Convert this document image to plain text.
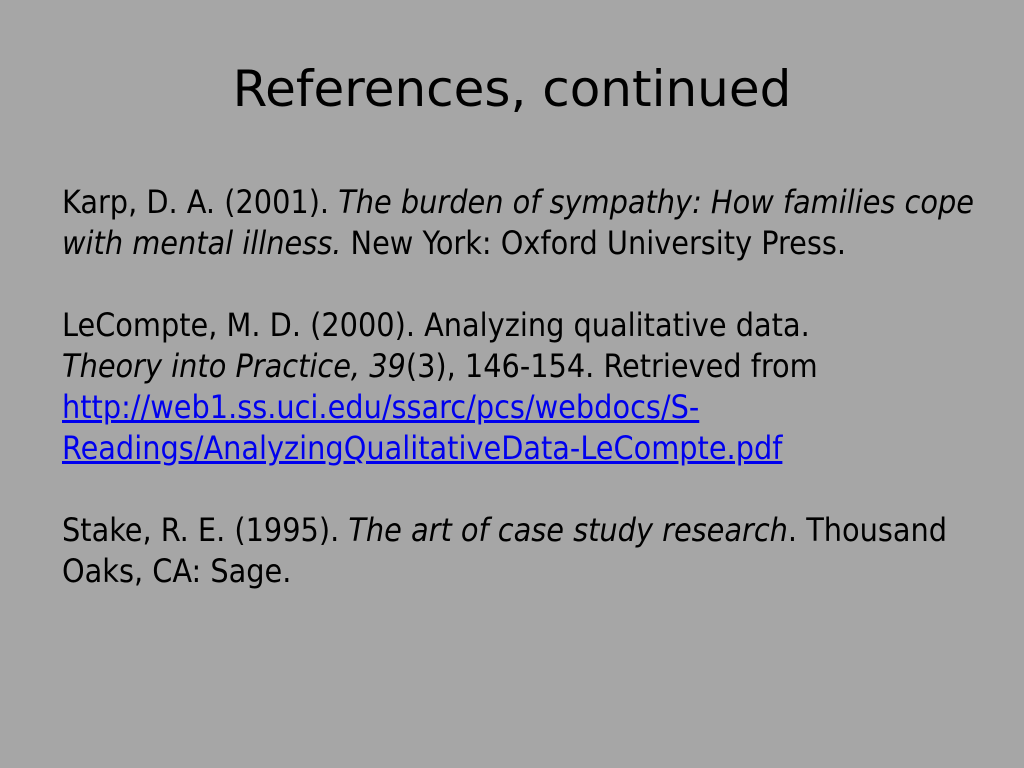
References, continued

Karp, D. A. (2001). The burden of sympathy: How families cope with mental illness. New York: Oxford University Press.

LeCompte, M. D. (2000). Analyzing qualitative data.
Theory into Practice, 39(3), 146-154. Retrieved from
http://web1.ss.uci.edu/ssarc/pcs/webdocs/S-
Readings/AnalyzingQualitativeData-LeCompte.pdf

Stake, R. E. (1995). The art of case study research. Thousand Oaks, CA: Sage.
